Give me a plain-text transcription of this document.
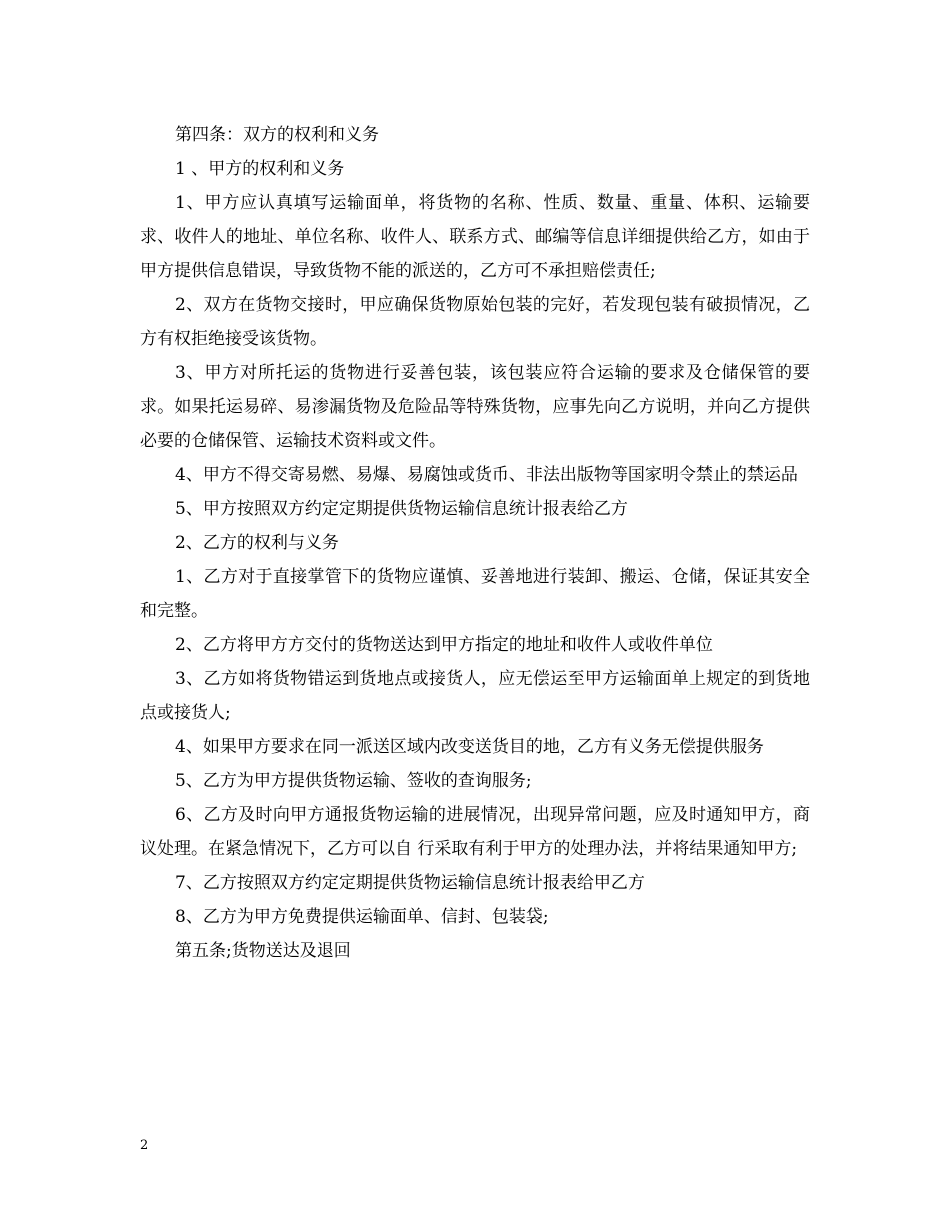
第四条：双方的权利和义务

1 、甲方的权利和义务

1、甲方应认真填写运输面单，将货物的名称、性质、数量、重量、体积、运输要求、收件人的地址、单位名称、收件人、联系方式、邮编等信息详细提供给乙方，如由于甲方提供信息错误，导致货物不能的派送的，乙方可不承担赔偿责任;

2、双方在货物交接时，甲应确保货物原始包装的完好，若发现包装有破损情况，乙方有权拒绝接受该货物。

3、甲方对所托运的货物进行妥善包装，该包装应符合运输的要求及仓储保管的要求。如果托运易碎、易渗漏货物及危险品等特殊货物，应事先向乙方说明，并向乙方提供必要的仓储保管、运输技术资料或文件。

4、甲方不得交寄易燃、易爆、易腐蚀或货币、非法出版物等国家明令禁止的禁运品

5、甲方按照双方约定定期提供货物运输信息统计报表给乙方

2、乙方的权利与义务

1、乙方对于直接掌管下的货物应谨慎、妥善地进行装卸、搬运、仓储，保证其安全和完整。

2、乙方将甲方方交付的货物送达到甲方指定的地址和收件人或收件单位

3、乙方如将货物错运到货地点或接货人，应无偿运至甲方运输面单上规定的到货地点或接货人;

4、如果甲方要求在同一派送区域内改变送货目的地，乙方有义务无偿提供服务

5、乙方为甲方提供货物运输、签收的查询服务;

6、乙方及时向甲方通报货物运输的进展情况，出现异常问题，应及时通知甲方，商议处理。在紧急情况下，乙方可以自 行采取有利于甲方的处理办法，并将结果通知甲方;

7、乙方按照双方约定定期提供货物运输信息统计报表给甲乙方

8、乙方为甲方免费提供运输面单、信封、包装袋;

第五条;货物送达及退回

2
